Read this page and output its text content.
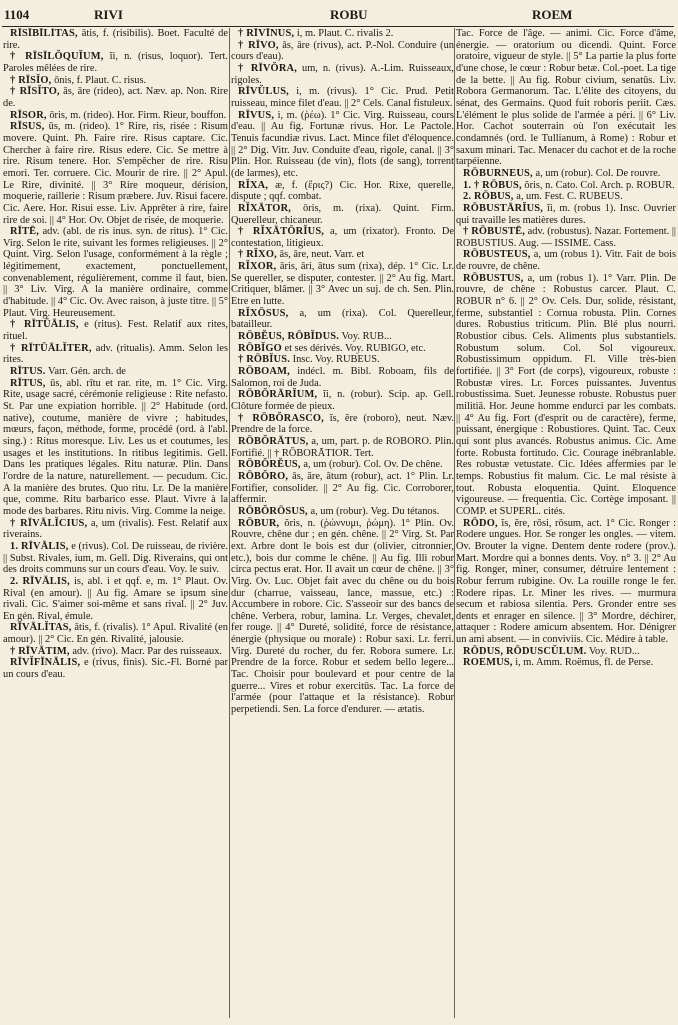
1104	RIVI	ROBU	ROEM

RĪSĪBĪLĬTAS, ātis, f. (risibilis). Boet. Faculté de rire.

† RĪSĪLŎQUĬUM, ĭi, n. (risus, loquor). Tert. Paroles mêlées de rire.

† RĪSĬO, ōnis, f. Plaut. C. risus.

† RĪSĬTO, ās, āre (rideo), act. Næv. ap. Non. Rire de.

RĪSOR, ōris, m. (rideo). Hor. Firm. Rieur, bouffon.

RĪSUS, ūs, m. (rideo). 1° Rire, ris, risée : Risum movere. Quint. Ph. Faire rire. Risus captare. Cic. Chercher à faire rire. Risus edere. Cic. Se mettre à rire. Risum tenere. Hor. S'empêcher de rire. Risu emori. Ter. corruere. Cic. Mourir de rire. || 2° Apul. Le Rire, divinité. || 3° Rire moqueur, dérision, moquerie, raillerie : Risum præbere. Juv. Risui facere. Cic. Aere. Hor. Risui esse. Liv. Apprêter à rire, faire rire de soi. || 4° Hor. Ov. Objet de risée, de moquerie.

RĪTĒ, adv. (abl. de ris inus. syn. de ritus). 1° Cic. Virg. Selon le rite, suivant les formes religieuses. || 2° Quint. Virg. Selon l'usage, conformément à la règle ; légitimement, exactement, ponctuellement, convenablement, régulièrement, comme il faut, bien. || 3° Liv. Virg. A la manière ordinaire, comme d'habitude. || 4° Cic. Ov. Avec raison, à juste titre. || 5° Plaut. Virg. Heureusement.

† RĪTŪĀLIS, e (ritus). Fest. Relatif aux rites, rituel.

† RĪTŪĀLĬTER, adv. (ritualis). Amm. Selon les rites.

RĪTUS. Varr. Gén. arch. de

RĪTUS, ūs, abl. rītu et rar. rite, m. 1° Cic. Virg. Rite, usage sacré, cérémonie religieuse : Rite nefasto. St. Par une expiation horrible. || 2° Habitude (ord. native), coutume, manière de vivre ; habitudes, mœurs, façon, méthode, forme, procédé (ord. à l'abl. sing.) : Ritus moresque. Liv. Les us et coutumes, les usages et les institutions. In ritibus legitimis. Gell. Dans les pratiques légales. Ritu naturæ. Plin. Dans l'ordre de la nature, naturellement. — pecudum. Cic. A la manière des brutes. Quo ritu. Lr. De la manière que, comme. Ritu barbarico esse. Plaut. Vivre à la mode des barbares. Ritu nivis. Virg. Comme la neige.

† RĪVĀLĬCIUS, a, um (rivalis). Fest. Relatif aux riverains.

1. RĪVĀLIS, e (rivus). Col. De ruisseau, de rivière. || Subst. Rivales, ium, m. Gell. Dig. Riverains, qui ont des droits communs sur un cours d'eau. Voy. le suiv.

2. RĪVĀLIS, is, abl. i et qqf. e, m. 1° Plaut. Ov. Rival (en amour). || Au fig. Amare se ipsum sine rivali. Cic. S'aimer soi-même et sans rival. || 2° Juv. En gén. Rival, émule.

RĪVĀLĬTAS, ātis, f. (rivalis). 1° Apul. Rivalité (en amour). || 2° Cic. En gén. Rivalité, jalousie.

† RĪVĀTIM, adv. (rivo). Macr. Par des ruisseaux.

RĪVĬFĪNĀLIS, e (rivus, finis). Sic.-Fl. Borné par un cours d'eau.

† RĪVĪNUS, i, m. Plaut. C. rivalis 2.

† RĪVO, ās, āre (rivus), act. P.-Nol. Conduire (un cours d'eau).

† RĪVŎRA, um, n. (rivus). A.-Lim. Ruisseaux, rigoles.

RĪVŬLUS, i, m. (rivus). 1° Cic. Prud. Petit ruisseau, mince filet d'eau. || 2° Cels. Canal fistuleux.

RĪVUS, i, m. (ῥέω). 1° Cic. Virg. Ruisseau, cours d'eau. || Au fig. Fortunæ rivus. Hor. Le Pactole. Tenuis facundiæ rivus. Lact. Mince filet d'éloquence. || 2° Dig. Vitr. Juv. Conduite d'eau, rigole, canal. || 3° Plin. Hor. Ruisseau (de vin), flots (de sang), torrent (de larmes), etc.

RĬXA, æ, f. (ἔρις?) Cic. Hor. Rixe, querelle, dispute ; qqf. combat.

RĬXĀTOR, ōris, m. (rixa). Quint. Firm. Querelleur, chicaneur.

† RĬXĀTŌRĬUS, a, um (rixator). Fronto. De contestation, litigieux.

† RĬXO, ās, āre, neut. Varr. et

RĬXOR, āris, āri, ātus sum (rixa), dép. 1° Cic. Lr. Se quereller, se disputer, contester. || 2° Au fig. Mart. Critiquer, blâmer. || 3° Avec un suj. de ch. Sen. Plin. Etre en lutte.

RĬXŌSUS, a, um (rixa). Col. Querelleur, batailleur.

RŌBĔUS, RŌBĬDUS. Voy. RUB...

RŌBĬGO et ses dérivés. Voy. RUBIGO, etc.

† RŌBĬUS. Insc. Voy. RUBEUS.

RŌBOAM, indécl. m. Bibl. Roboam, fils de Salomon, roi de Juda.

RŌBŎRĀRĬUM, ĭi, n. (robur). Scip. ap. Gell. Clôture formée de pieux.

† RŌBŎRASCO, ĭs, ĕre (roboro), neut. Næv. Prendre de la force.

RŌBŎRĀTUS, a, um, part. p. de ROBORO. Plin. Fortifié. || † RŌBORĀTIOR. Tert.

RŌBŎRĔUS, a, um (robur). Col. Ov. De chêne.

RŌBŎRO, ās, āre, ātum (robur), act. 1° Plin. Lr. Fortifier, consolider. || 2° Au fig. Cic. Corroborer, affermir.

RŌBŎRŌSUS, a, um (robur). Veg. Du tétanos.

RŌBUR, ŏris, n. (ῥώννυμι, ῥώμη). 1° Plin. Ov. Rouvre, chêne dur ; en gén. chêne. || 2° Virg. St. Par ext. Arbre dont le bois est dur (olivier, citronnier, etc.), bois dur comme le chêne. || Au fig. Illi robur circa pectus erat. Hor. Il avait un cœur de chêne. || 3° Virg. Ov. Luc. Objet fait avec du chêne ou du bois dur (charrue, vaisseau, lance, massue, etc.) : Accumbere in robore. Cic. S'asseoir sur des bancs de chêne. Verbera, robur, lamina. Lr. Verges, chevalet, fer rouge. || 4° Dureté, solidité, force de résistance, énergie (physique ou morale) : Robur saxi. Lr. ferri. Virg. Dureté du rocher, du fer. Robora sumere. Lr. Prendre de la force. Robur et sedem bello legere... Tac. Choisir pour boulevard et pour centre de la guerre... Vires et robur exercitūs. Tac. La force de l'armée (pour l'attaque et la résistance). Robur perpetiendi. Sen. La force d'endurer. — ætatis.

Tac. Force de l'âge. — animi. Cic. Force d'âme, énergie. — oratorium ou dicendi. Quint. Force oratoire, vigueur de style. || 5° La partie la plus forte d'une chose, le cœur : Robur betæ. Col.-poet. La tige de la bette. || Au fig. Robur civium, senatūs. Liv. Robora Germanorum. Tac. L'élite des citoyens, du sénat, des Germains. Quod fuit roboris periit. Cæs. L'élément le plus solide de l'armée a péri. || 6° Liv. Hor. Cachot souterrain où l'on exécutait les condamnés (ord. le Tullianum, à Rome) : Robur et saxum minari. Tac. Menacer du cachot et de la roche tarpéienne.

RŌBURNEUS, a, um (robur). Col. De rouvre.

1. † RŌBUS, ŏris, n. Cato. Col. Arch. p. ROBUR.

2. RŌBUS, a, um. Fest. C. RUBEUS.

RŌBUSTĀRĬUS, ĭi, m. (robus 1). Insc. Ouvrier qui travaille les matières dures.

† RŌBUSTĒ, adv. (robustus). Nazar. Fortement. || ROBUSTIUS. Aug. — ISSIME. Cass.

RŌBUSTEUS, a, um (robus 1). Vitr. Fait de bois de rouvre, de chêne.

RŌBUSTUS, a, um (robus 1). 1° Varr. Plin. De rouvre, de chêne : Robustus carcer. Plaut. C. ROBUR n° 6. || 2° Ov. Cels. Dur, solide, résistant, ferme, substantiel : Cornua robusta. Plin. Cornes dures. Robustius triticum. Plin. Blé plus nourri. Robustior cibus. Cels. Aliments plus substantiels. Robustum solum. Col. Sol vigoureux. Robustissimum oppidum. Fl. Ville très-bien fortifiée. || 3° Fort (de corps), vigoureux, robuste : Robustæ vires. Lr. Forces puissantes. Juventus robustissima. Suet. Jeunesse robuste. Robustus puer militiā. Hor. Jeune homme endurci par les combats. || 4° Au fig. Fort (d'esprit ou de caractère), ferme, puissant, énergique : Robustiores. Quint. Tac. Ceux qui sont plus avancés. Robustus animus. Cic. Ame forte. Robusta fortitudo. Cic. Courage inébranlable. Res robustæ vetustate. Cic. Idées affermies par le temps. Robustius fit malum. Cic. Le mal résiste à tout. Robusta eloquentia. Quint. Eloquence vigoureuse. — frequentia. Cic. Cortège imposant. || COMP. et SUPERL. cités.

RŌDO, ĭs, ĕre, rōsi, rōsum, act. 1° Cic. Ronger : Rodere ungues. Hor. Se ronger les ongles. — vitem. Ov. Brouter la vigne. Dentem dente rodere (prov.). Mart. Mordre qui a bonnes dents. Voy. n° 3. || 2° Au fig. Ronger, miner, consumer, détruire lentement : Robur ferrum rubigine. Ov. La rouille ronge le fer. Rodere ripas. Lr. Miner les rives. — murmura secum et rabiosa silentia. Pers. Gronder entre ses dents et enrager en silence. || 3° Mordre, déchirer, attaquer : Rodere amicum absentem. Hor. Dénigrer un ami absent. — in conviviis. Cic. Médire à table.

RŌDUS, RŌDUSCŬLUM. Voy. RUD...

ROEMUS, i, m. Amm. Roëmus, fl. de Perse.
